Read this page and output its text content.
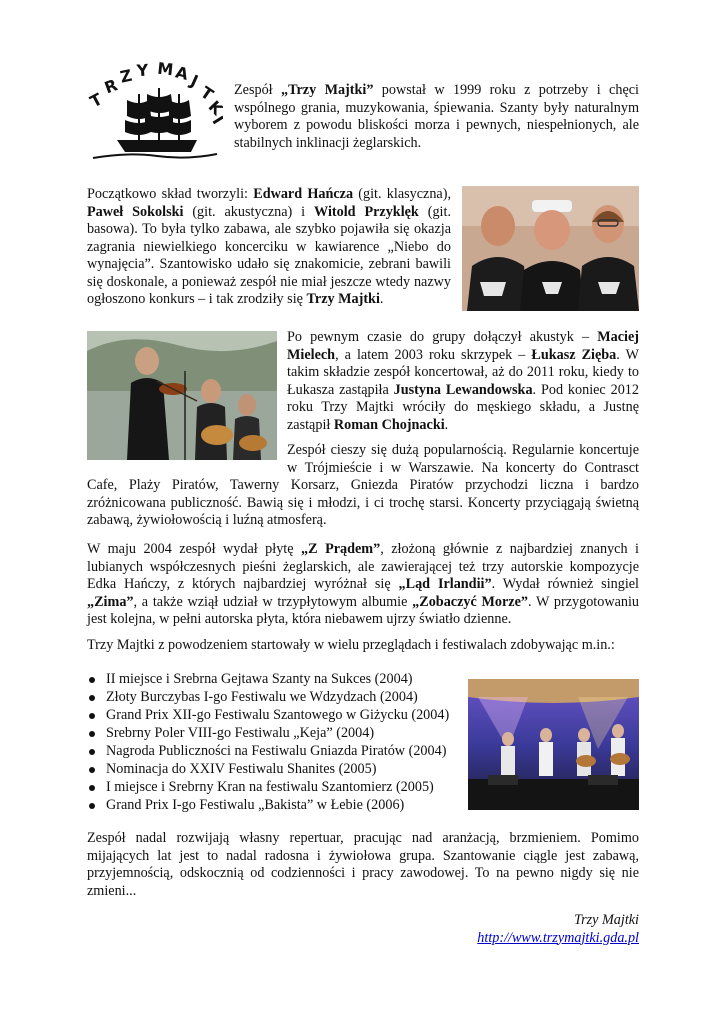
T
R
Z Y M A
J
T
K
I

Zespół „Trzy Majtki” powstał w 1999 roku z potrzeby i chęci wspólnego grania, muzykowania, śpiewania. Szanty były naturalnym wyborem z powodu bliskości morza i pewnych, niespełnionych, ale stabilnych inklinacji żeglarskich.

Początkowo skład tworzyli: Edward Hańcza (git. klasyczna), Paweł Sokolski (git. akustyczna) i Witold Przyklęk (git. basowa). To była tylko zabawa, ale szybko pojawiła się okazja zagrania niewielkiego koncerciku w kawiarence „Niebo do wynajęcia”. Szantowisko udało się znakomicie, zebrani bawili się doskonale, a ponieważ zespół nie miał jeszcze wtedy nazwy ogłoszono konkurs – i tak zrodziły się Trzy Majtki.

Po pewnym czasie do grupy dołączył akustyk – Maciej Mielech, a latem 2003 roku skrzypek – Łukasz Zięba. W takim składzie zespół koncertował, aż do 2011 roku, kiedy to Łukasza zastąpiła Justyna Lewandowska. Pod koniec 2012 roku Trzy Majtki wróciły do męskiego składu, a Justnę zastąpił Roman Chojnacki.

Zespół cieszy się dużą popularnością. Regularnie koncertuje w Trójmieście i w Warszawie. Na koncerty do Contrasct Cafe, Plaży Piratów, Tawerny Korsarz, Gniezda Piratów przychodzi liczna i bardzo zróżnicowana publiczność. Bawią się i młodzi, i ci trochę starsi. Koncerty przyciągają świetną zabawą, żywiołowością i luźną atmosferą.

W maju 2004 zespół wydał płytę „Z Prądem”, złożoną głównie z najbardziej znanych i lubianych współczesnych pieśni żeglarskich, ale zawierającej też trzy autorskie kompozycje Edka Hańczy, z których najbardziej wyróżnał się „Ląd Irlandii”. Wydał również singiel „Zima”, a także wziął udział w trzypłytowym albumie „Zobaczyć Morze”. W przygotowaniu jest kolejna, w pełni autorska płyta, która niebawem ujrzy światło dzienne.

Trzy Majtki z powodzeniem startowały w wielu przeglądach i festiwalach zdobywając m.in.:

II miejsce i Srebrna Gejtawa Szanty na Sukces (2004)
Złoty Burczybas I-go Festiwalu we Wdzydzach (2004)
Grand Prix XII-go Festiwalu Szantowego w Giżycku (2004)
Srebrny Poler VIII-go Festiwalu „Keja” (2004)
Nagroda Publiczności na Festiwalu Gniazda Piratów (2004)
Nominacja do XXIV Festiwalu Shanites (2005)
I miejsce i Srebrny Kran na festiwalu Szantomierz (2005)
Grand Prix I-go Festiwalu „Bakista” w Łebie (2006)

Zespół nadal rozwijają własny repertuar, pracując nad aranżacją, brzmieniem. Pomimo mijających lat jest to nadal radosna i żywiołowa grupa. Szantowanie ciągle jest zabawą, przyjemnością, odskocznią od codzienności i pracy zawodowej. To na pewno nigdy się nie zmieni...

Trzy Majtki
http://www.trzymajtki.gda.pl
